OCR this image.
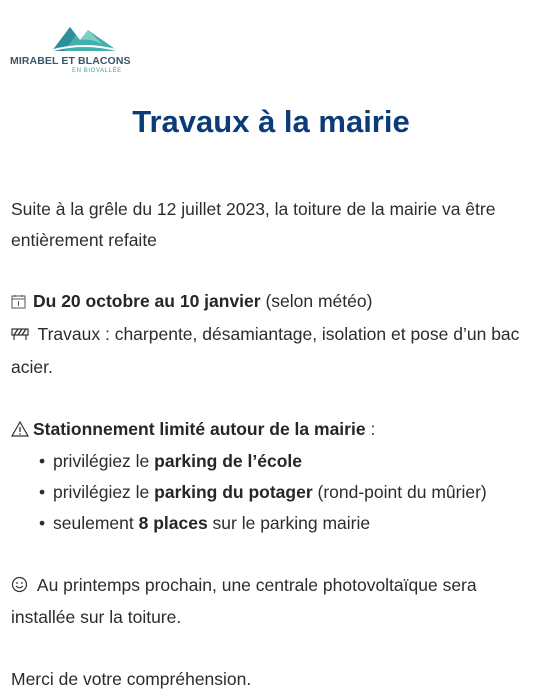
MIRABEL ET BLACONS
EN BIOVALLÉE
Travaux à la mairie

Suite à la grêle du 12 juillet 2023, la toiture de la mairie va être entièrement refaite

Du 20 octobre au 10 janvier (selon météo)

Travaux : charpente, désamiantage, isolation et pose d’un bac acier.

Stationnement limité autour de la mairie :

• privilégiez le parking de l’école
• privilégiez le parking du potager (rond-point du mûrier)
• seulement 8 places sur le parking mairie

Au printemps prochain, une centrale photovoltaïque sera installée sur la toiture.

Merci de votre compréhension.
